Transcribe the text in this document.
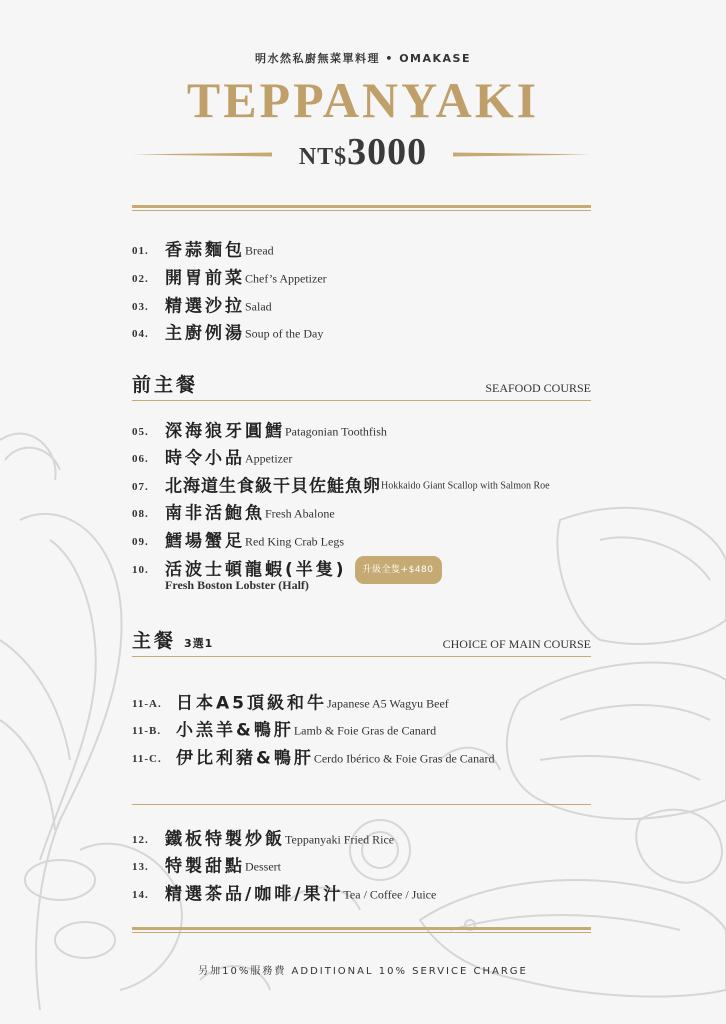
明水然私廚無菜單料理 • OMAKASE
TEPPANYAKI
NT$3000
01. 香蒜麵包Bread
02. 開胃前菜Chef’s Appetizer
03. 精選沙拉Salad
04. 主廚例湯Soup of the Day
前主餐	SEAFOOD COURSE
05. 深海狼牙圓鱈Patagonian Toothfish
06. 時令小品Appetizer
07. 北海道生食級干貝佐鮭魚卵Hokkaido Giant Scallop with Salmon Roe
08. 南非活鮑魚Fresh Abalone
09. 鱈場蟹足Red King Crab Legs
10. 活波士頓龍蝦(半隻) 升級全隻+$480
Fresh Boston Lobster (Half)
主餐 3選1	CHOICE OF MAIN COURSE
11-A. 日本A5頂級和牛Japanese A5 Wagyu Beef
11-B. 小羔羊&鴨肝Lamb & Foie Gras de Canard
11-C. 伊比利豬&鴨肝Cerdo Ibérico & Foie Gras de Canard
12. 鐵板特製炒飯Teppanyaki Fried Rice
13. 特製甜點Dessert
14. 精選茶品/咖啡/果汁Tea / Coffee / Juice
另加10%服務費 ADDITIONAL 10% SERVICE CHARGE
